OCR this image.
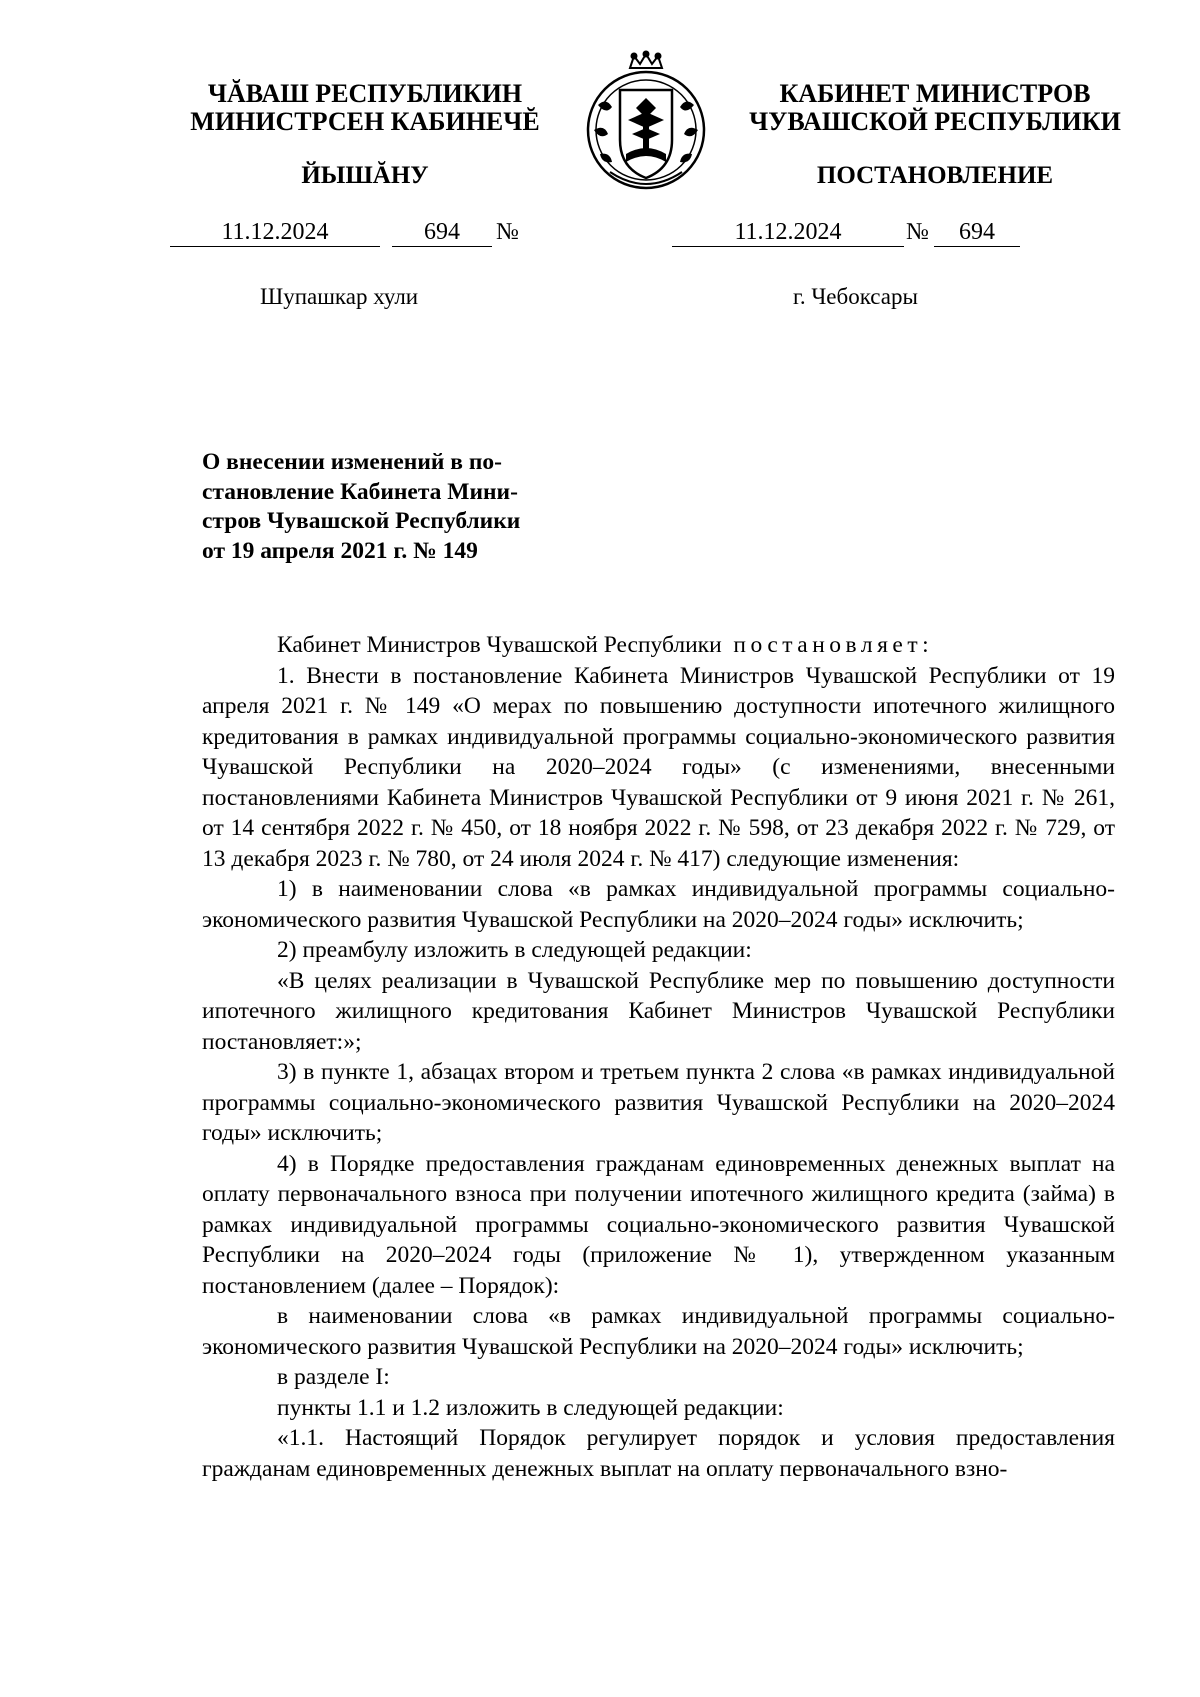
ЧĂВАШ РЕСПУБЛИКИН
МИНИСТРСЕН КАБИНЕЧĔ
ЙЫШĂНУ
КАБИНЕТ МИНИСТРОВ
ЧУВАШСКОЙ РЕСПУБЛИКИ
ПОСТАНОВЛЕНИЕ
11.12.2024	694	№	11.12.2024	№	694
Шупашкар хули	г. Чебоксары
О внесении изменений в по-
становление Кабинета Мини-
стров Чувашской Республики
от 19 апреля 2021 г. № 149

Кабинет Министров Чувашской Республики постановляет:

1. Внести в постановление Кабинета Министров Чувашской Республики от 19 апреля 2021 г. № 149 «О мерах по повышению доступности ипотечного жилищного кредитования в рамках индивидуальной программы социально-экономического развития Чувашской Республики на 2020–2024 годы» (с изменениями, внесенными постановлениями Кабинета Министров Чувашской Республики от 9 июня 2021 г. № 261, от 14 сентября 2022 г. № 450, от 18 ноября 2022 г. № 598, от 23 декабря 2022 г. № 729, от 13 декабря 2023 г. № 780, от 24 июля 2024 г. № 417) следующие изменения:

1) в наименовании слова «в рамках индивидуальной программы социально-экономического развития Чувашской Республики на 2020–2024 годы» исключить;

2) преамбулу изложить в следующей редакции:

«В целях реализации в Чувашской Республике мер по повышению доступности ипотечного жилищного кредитования Кабинет Министров Чувашской Республики постановляет:»;

3) в пункте 1, абзацах втором и третьем пункта 2 слова «в рамках индивидуальной программы социально-экономического развития Чувашской Республики на 2020–2024 годы» исключить;

4) в Порядке предоставления гражданам единовременных денежных выплат на оплату первоначального взноса при получении ипотечного жилищного кредита (займа) в рамках индивидуальной программы социально-экономического развития Чувашской Республики на 2020–2024 годы (приложение № 1), утвержденном указанным постановлением (далее – Порядок):

в наименовании слова «в рамках индивидуальной программы социально-экономического развития Чувашской Республики на 2020–2024 годы» исключить;

в разделе I:

пункты 1.1 и 1.2 изложить в следующей редакции:

«1.1. Настоящий Порядок регулирует порядок и условия предоставления гражданам единовременных денежных выплат на оплату первоначального взно-
